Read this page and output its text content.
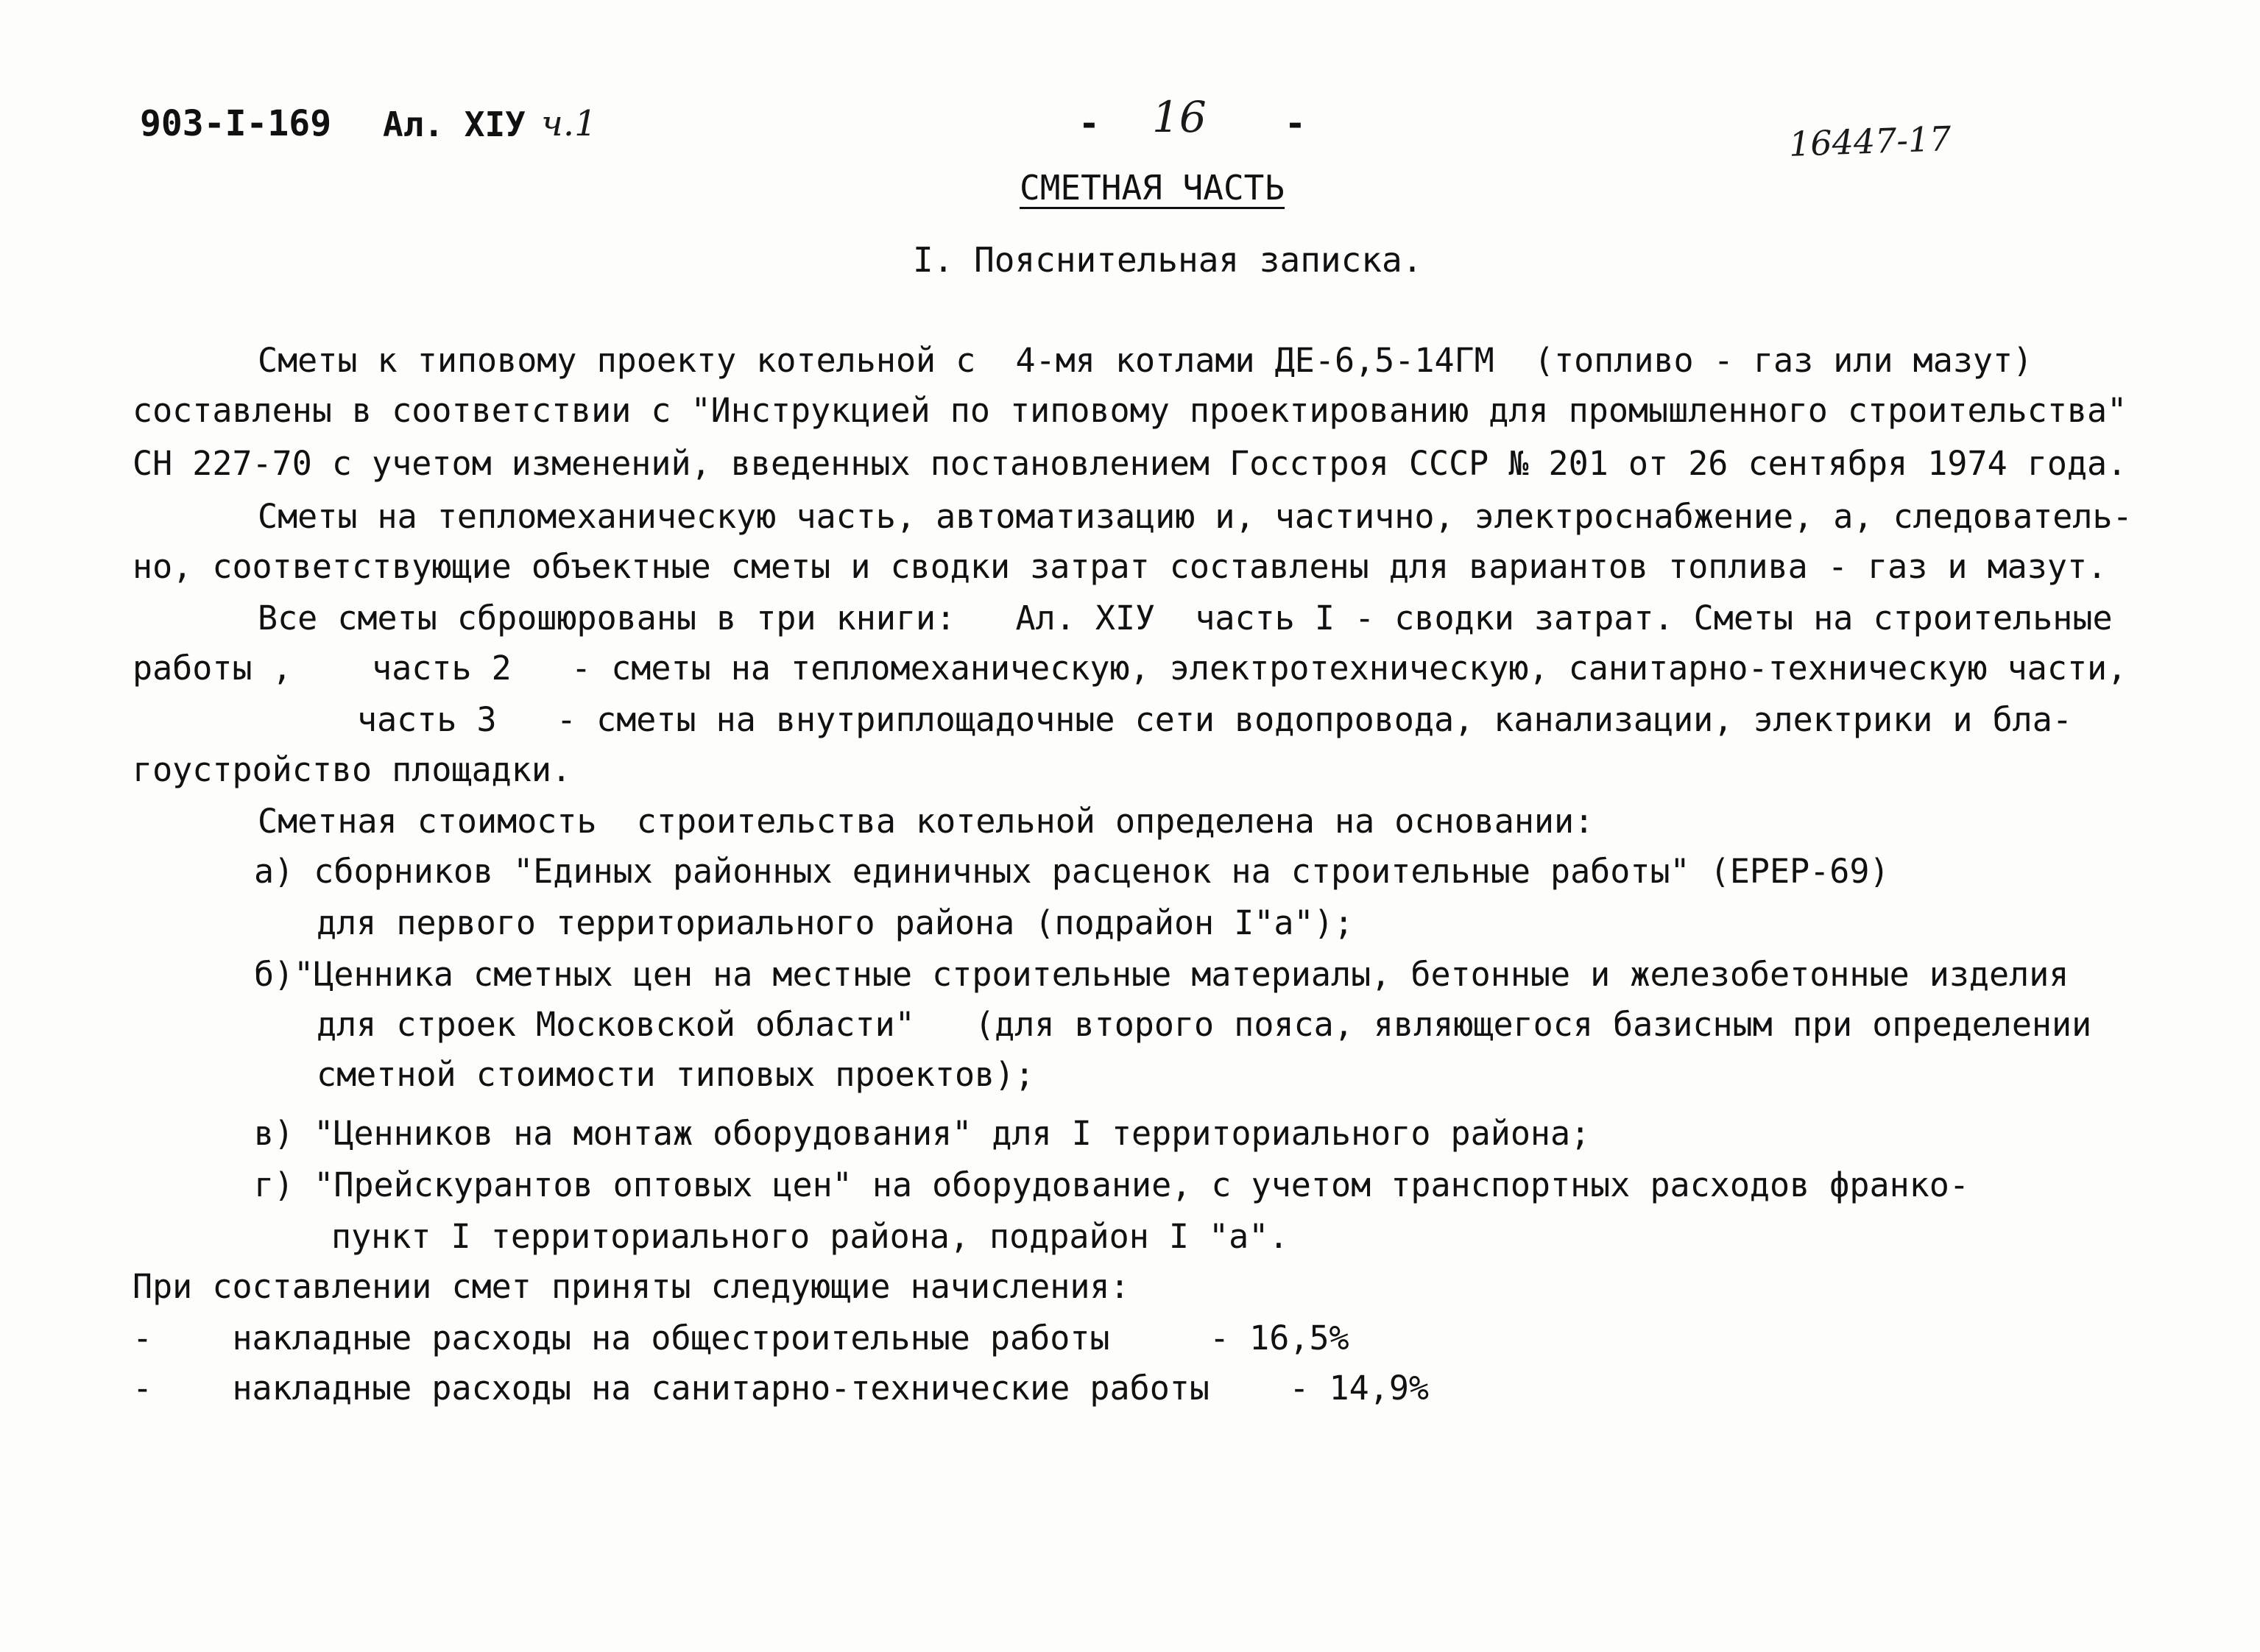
903-I-169 Ал. ХIУ ч.1	- 16 -	16447-17
СМЕТНАЯ ЧАСТЬ
I. Пояснительная записка.
Сметы к типовому проекту котельной с  4-мя котлами ДЕ-6,5-14ГМ  (топливо - газ или мазут)
составлены в соответствии с "Инструкцией по типовому проектированию для промышленного строительства"
СН 227-70 с учетом изменений, введенных постановлением Госстроя СССР № 201 от 26 сентября 1974 года.
Сметы на тепломеханическую часть, автоматизацию и, частично, электроснабжение, а, следователь-
но, соответствующие объектные сметы и сводки затрат составлены для вариантов топлива - газ и мазут.
Все сметы сброшюрованы в три книги:   Ал. ХIУ  часть I - сводки затрат. Сметы на строительные
работы ,    часть 2   - сметы на тепломеханическую, электротехническую, санитарно-техническую части,
часть 3   - сметы на внутриплощадочные сети водопровода, канализации, электрики и бла-
гоустройство площадки.
Сметная стоимость  строительства котельной определена на основании:
а) сборников "Единых районных единичных расценок на строительные работы" (ЕРЕР-69)
для первого территориального района (подрайон I"а");
б)"Ценника сметных цен на местные строительные материалы, бетонные и железобетонные изделия
для строек Московской области"   (для второго пояса, являющегося базисным при определении
сметной стоимости типовых проектов);
в) "Ценников на монтаж оборудования" для I территориального района;
г) "Прейскурантов оптовых цен" на оборудование, с учетом транспортных расходов франко-
пункт I территориального района, подрайон I "а".
При составлении смет приняты следующие начисления:
-    накладные расходы на общестроительные работы     - 16,5%
-    накладные расходы на санитарно-технические работы    - 14,9%
